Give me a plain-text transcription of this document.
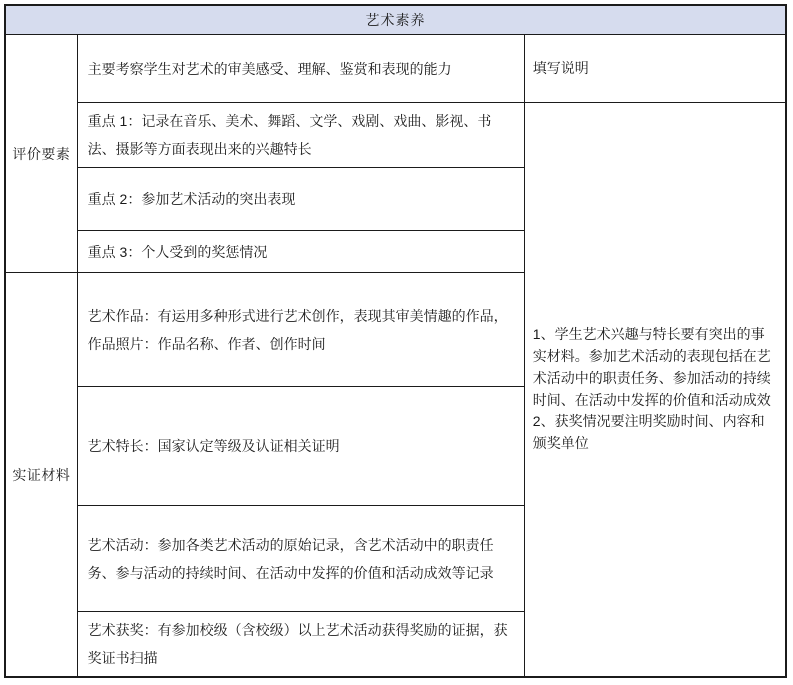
艺术素养		
评价要素	主要考察学生对艺术的审美感受、理解、鉴赏和表现的能力	填写说明
	重点 1：记录在音乐、美术、舞蹈、文学、戏剧、戏曲、影视、书法、摄影等方面表现出来的兴趣特长	1、学生艺术兴趣与特长要有突出的事实材料。参加艺术活动的表现包括在艺术活动中的职责任务、参加活动的持续时间、在活动中发挥的价值和活动成效 2、获奖情况要注明奖励时间、内容和颁奖单位
	重点 2：参加艺术活动的突出表现	
	重点 3：个人受到的奖惩情况	
实证材料	艺术作品：有运用多种形式进行艺术创作，表现其审美情趣的作品，作品照片：作品名称、作者、创作时间	
	艺术特长：国家认定等级及认证相关证明	
	艺术活动：参加各类艺术活动的原始记录，含艺术活动中的职责任务、参与活动的持续时间、在活动中发挥的价值和活动成效等记录	
	艺术获奖：有参加校级（含校级）以上艺术活动获得奖励的证据，获奖证书扫描	
